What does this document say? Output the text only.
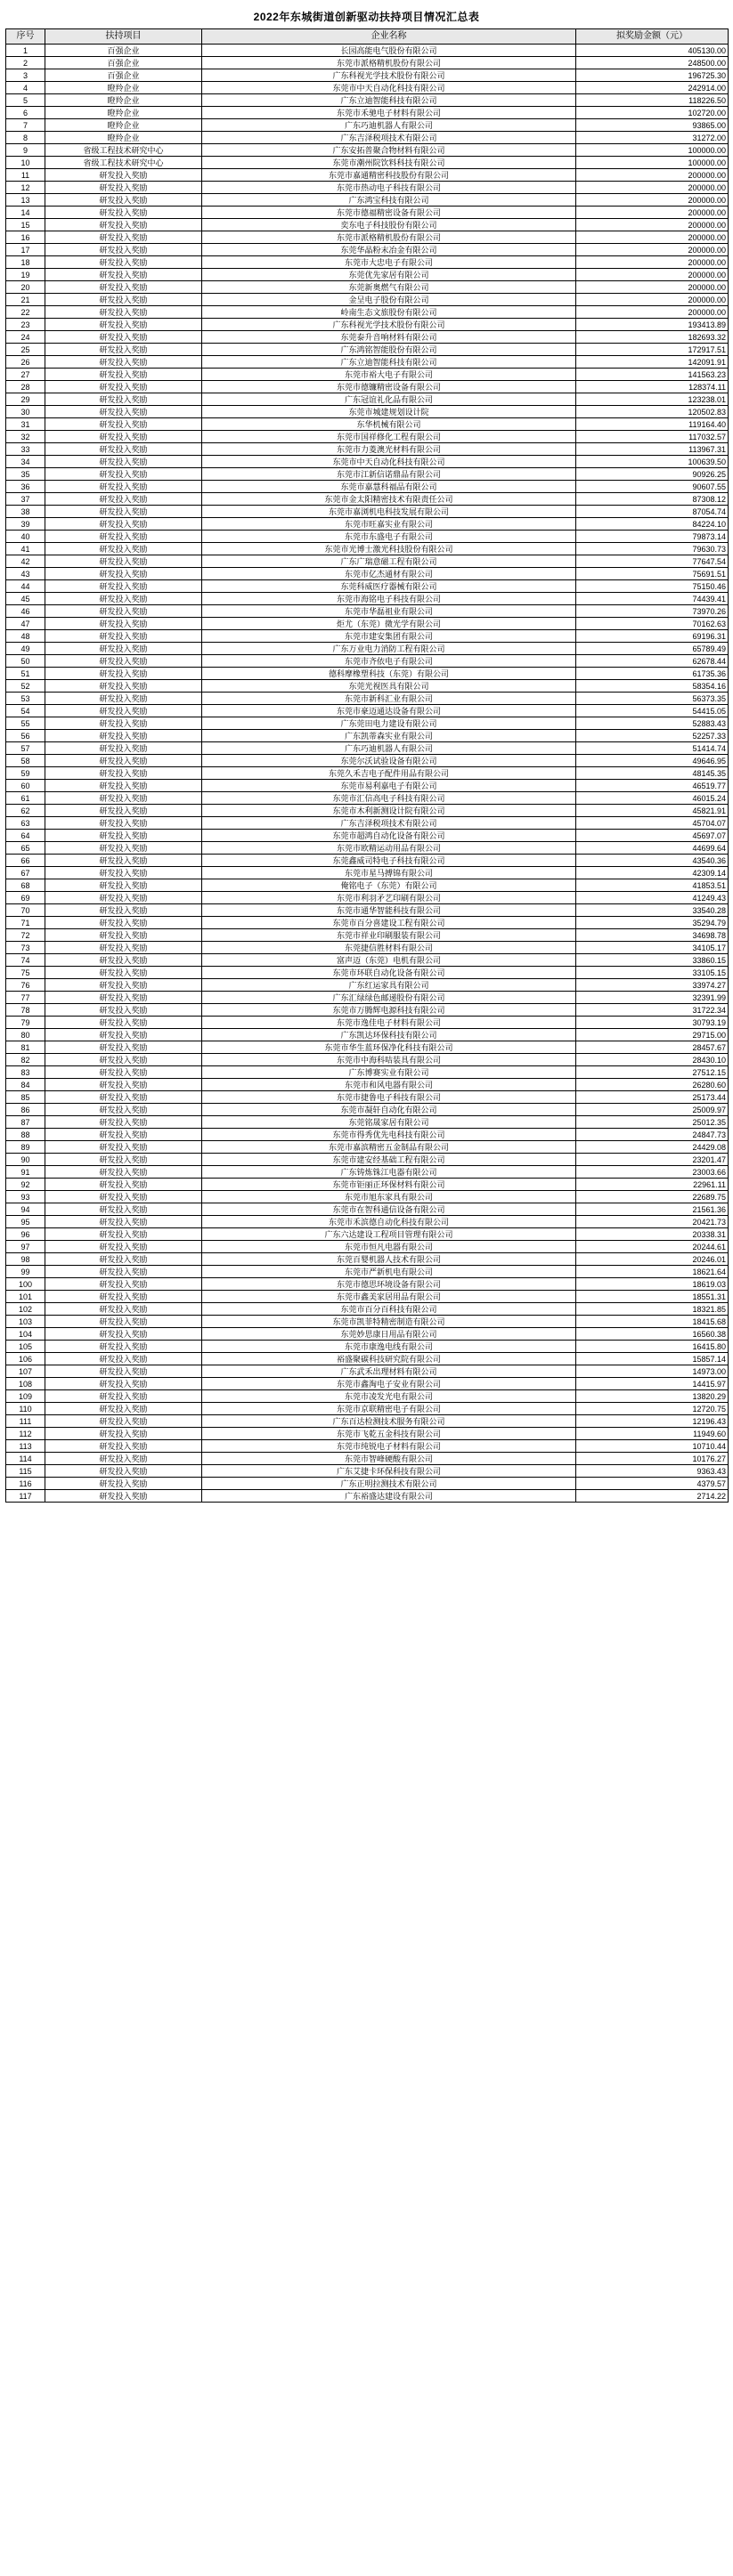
2022年东城街道创新驱动扶持项目情况汇总表
序号	扶持项目	企业名称	拟奖励金额（元）
1	百强企业	长园高能电气股份有限公司	405130.00
2	百强企业	东莞市派格精机股份有限公司	248500.00
3	百强企业	广东科视光学技术股份有限公司	196725.30
4	瞪羚企业	东莞市中天自动化科技有限公司	242914.00
5	瞪羚企业	广东立迪智能科技有限公司	118226.50
6	瞪羚企业	东莞市禾驰电子材料有限公司	102720.00
7	瞪羚企业	广东巧迪机器人有限公司	93865.00
8	瞪羚企业	广东吉泽税项技术有限公司	31272.00
9	省级工程技术研究中心	广东安拓普聚合物材料有限公司	100000.00
10	省级工程技术研究中心	东莞市潮州院饮料科技有限公司	100000.00
11	研发投入奖励	东莞市嘉通精密科技股份有限公司	200000.00
12	研发投入奖励	东莞市热动电子科技有限公司	200000.00
13	研发投入奖励	广东鸿宝科技有限公司	200000.00
14	研发投入奖励	东莞市德福精密设备有限公司	200000.00
15	研发投入奖励	奕东电子科技股份有限公司	200000.00
16	研发投入奖励	东莞市派格精机股份有限公司	200000.00
17	研发投入奖励	东莞华晶粉末冶金有限公司	200000.00
18	研发投入奖励	东莞市大忠电子有限公司	200000.00
19	研发投入奖励	东莞优先家居有限公司	200000.00
20	研发投入奖励	东莞新奥燃气有限公司	200000.00
21	研发投入奖励	金呈电子股份有限公司	200000.00
22	研发投入奖励	岭南生态文旅股份有限公司	200000.00
23	研发投入奖励	广东科视光学技术股份有限公司	193413.89
24	研发投入奖励	东莞泰升音响材料有限公司	182693.32
25	研发投入奖励	广东鸿铭智能股份有限公司	172917.51
26	研发投入奖励	广东立迪智能科技有限公司	142091.91
27	研发投入奖励	东莞市裕大电子有限公司	141563.23
28	研发投入奖励	东莞市德镰精密设备有限公司	128374.11
29	研发投入奖励	广东冠谊礼化品有限公司	123238.01
30	研发投入奖励	东莞市城建规划设计院	120502.83
31	研发投入奖励	东华机械有限公司	119164.40
32	研发投入奖励	东莞市国祥修化工程有限公司	117032.57
33	研发投入奖励	东莞市力菱澳光材料有限公司	113967.31
34	研发投入奖励	东莞市中天自动化科技有限公司	100639.50
35	研发投入奖励	东莞市江新信诺鼎品有限公司	90926.25
36	研发投入奖励	东莞市嘉慧科福品有限公司	90607.55
37	研发投入奖励	东莞市金太阳精密技术有限责任公司	87308.12
38	研发投入奖励	东莞市嘉浏机电科技发展有限公司	87054.74
39	研发投入奖励	东莞市旺嘉实业有限公司	84224.10
40	研发投入奖励	东莞市东盛电子有限公司	79873.14
41	研发投入奖励	东莞市光博士激光科技股份有限公司	79630.73
42	研发投入奖励	广东广瑞意磁工程有限公司	77647.54
43	研发投入奖励	东莞市亿杰通材有限公司	75691.51
44	研发投入奖励	东莞科威医疗器械有限公司	75150.46
45	研发投入奖励	东莞市海铭电子科技有限公司	74439.41
46	研发投入奖励	东莞市华磊祖业有限公司	73970.26
47	研发投入奖励	炬尤（东莞）微光学有限公司	70162.63
48	研发投入奖励	东莞市建安集团有限公司	69196.31
49	研发投入奖励	广东万业电力消防工程有限公司	65789.49
50	研发投入奖励	东莞市齐依电子有限公司	62678.44
51	研发投入奖励	德科摩橡塑科技（东莞）有限公司	61735.36
52	研发投入奖励	东莞光视医具有限公司	58354.16
53	研发投入奖励	东莞市新科汇业有限公司	56373.35
54	研发投入奖励	东莞市豪迈通达设备有限公司	54415.05
55	研发投入奖励	广东莞田电力建设有限公司	52883.43
56	研发投入奖励	广东凯蒂森实业有限公司	52257.33
57	研发投入奖励	广东巧迪机器人有限公司	51414.74
58	研发投入奖励	东莞尔沃试验设备有限公司	49646.95
59	研发投入奖励	东莞久禾吉电子配件用品有限公司	48145.35
60	研发投入奖励	东莞市易利嘉电子有限公司	46519.77
61	研发投入奖励	东莞市汇信高电子科技有限公司	46015.24
62	研发投入奖励	东莞市木利新测设计院有限公司	45821.91
63	研发投入奖励	广东吉泽税项技术有限公司	45704.07
64	研发投入奖励	东莞市超鸿自动化设备有限公司	45697.07
65	研发投入奖励	东莞市欧精运动用品有限公司	44699.64
66	研发投入奖励	东莞鑫威司特电子科技有限公司	43540.36
67	研发投入奖励	东莞市星马搏锦有限公司	42309.14
68	研发投入奖励	俺铭电子（东莞）有限公司	41853.51
69	研发投入奖励	东莞市利羽矛艺印刷有限公司	41249.43
70	研发投入奖励	东莞市通华智能科技有限公司	33540.28
71	研发投入奖励	东莞市百分喜建设工程有限公司	35294.79
72	研发投入奖励	东莞市祥业印刷服装有限公司	34698.78
73	研发投入奖励	东莞捷信胜材料有限公司	34105.17
74	研发投入奖励	富声迈（东莞）电机有限公司	33860.15
75	研发投入奖励	东莞市环联自动化设备有限公司	33105.15
76	研发投入奖励	广东红运家具有限公司	33974.27
77	研发投入奖励	广东汇绿绿色邮递股份有限公司	32391.99
78	研发投入奖励	东莞市万腾辉电源科技有限公司	31722.34
79	研发投入奖励	东莞市逸佳电子材料有限公司	30793.19
80	研发投入奖励	广东凯达环保科技有限公司	29715.00
81	研发投入奖励	东莞市华生蓝环保净化科技有限公司	28457.67
82	研发投入奖励	东莞市中海科咭装具有限公司	28430.10
83	研发投入奖励	广东博赛实业有限公司	27512.15
84	研发投入奖励	东莞市和风电器有限公司	26280.60
85	研发投入奖励	东莞市捷鲁电子科技有限公司	25173.44
86	研发投入奖励	东莞市凝轩自动化有限公司	25009.97
87	研发投入奖励	东莞铭晟家居有限公司	25012.35
88	研发投入奖励	东莞市得秀优先电科技有限公司	24847.73
89	研发投入奖励	东莞市嘉滨精密五金制品有限公司	24429.08
90	研发投入奖励	东莞市建安经基础工程有限公司	23201.47
91	研发投入奖励	广东铸炼铢江电器有限公司	23003.66
92	研发投入奖励	东莞市钜丽正环保材料有限公司	22961.11
93	研发投入奖励	东莞市旭东家具有限公司	22689.75
94	研发投入奖励	东莞市在智科通信设备有限公司	21561.36
95	研发投入奖励	东莞市禾滨德自动化科技有限公司	20421.73
96	研发投入奖励	广东六达建设工程项目管理有限公司	20338.31
97	研发投入奖励	东莞市恒凡电器有限公司	20244.61
98	研发投入奖励	东莞百婴机器人技术有限公司	20246.01
99	研发投入奖励	东莞市严新机电有限公司	18621.64
100	研发投入奖励	东莞市德思环境设备有限公司	18619.03
101	研发投入奖励	东莞市鑫美家居用品有限公司	18551.31
102	研发投入奖励	东莞市百分百科技有限公司	18321.85
103	研发投入奖励	东莞市凯菲特精密制造有限公司	18415.68
104	研发投入奖励	东莞妙思康日用品有限公司	16560.38
105	研发投入奖励	东莞市康逸电线有限公司	16415.80
106	研发投入奖励	裕盛聚碳科技研究院有限公司	15857.14
107	研发投入奖励	广东武禾出理材料有限公司	14973.00
108	研发投入奖励	东莞市鑫淘电子安业有限公司	14415.97
109	研发投入奖励	东莞市凌发光电有限公司	13820.29
110	研发投入奖励	东莞市京联精密电子有限公司	12720.75
111	研发投入奖励	广东百达检测技术服务有限公司	12196.43
112	研发投入奖励	东莞市飞乾五金科技有限公司	11949.60
113	研发投入奖励	东莞市纯锐电子材料有限公司	10710.44
114	研发投入奖励	东莞市智峰硬酸有限公司	10176.27
115	研发投入奖励	广东艾捷卡环保科技有限公司	9363.43
116	研发投入奖励	广东正明拉测技术有限公司	4379.57
117	研发投入奖励	广东裕盛达建设有限公司	2714.22
